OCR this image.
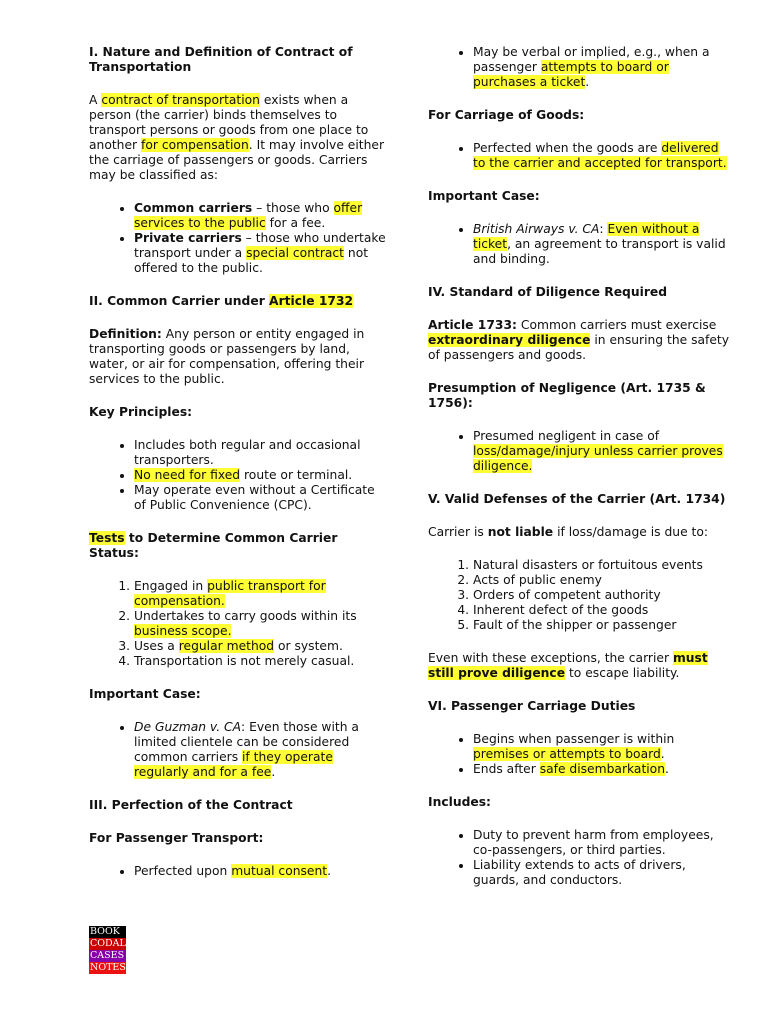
I. Nature and Definition of Contract of Transportation

A contract of transportation exists when a person (the carrier) binds themselves to transport persons or goods from one place to another for compensation. It may involve either the carriage of passengers or goods. Carriers may be classified as:

• Common carriers – those who offer services to the public for a fee.
• Private carriers – those who undertake transport under a special contract not offered to the public.
II. Common Carrier under Article 1732

Definition: Any person or entity engaged in transporting goods or passengers by land, water, or air for compensation, offering their services to the public.

Key Principles:
• Includes both regular and occasional transporters.
• No need for fixed route or terminal.
• May operate even without a Certificate of Public Convenience (CPC).
Tests to Determine Common Carrier Status:
1. Engaged in public transport for compensation.
2. Undertakes to carry goods within its business scope.
3. Uses a regular method or system.
4. Transportation is not merely casual.
Important Case:
• De Guzman v. CA: Even those with a limited clientele can be considered common carriers if they operate regularly and for a fee.
III. Perfection of the Contract
For Passenger Transport:
• Perfected upon mutual consent.
• May be verbal or implied, e.g., when a passenger attempts to board or purchases a ticket.
For Carriage of Goods:
• Perfected when the goods are delivered to the carrier and accepted for transport.
Important Case:
• British Airways v. CA: Even without a ticket, an agreement to transport is valid and binding.
IV. Standard of Diligence Required

Article 1733: Common carriers must exercise extraordinary diligence in ensuring the safety of passengers and goods.

Presumption of Negligence (Art. 1735 & 1756):
• Presumed negligent in case of loss/damage/injury unless carrier proves diligence.
V. Valid Defenses of the Carrier (Art. 1734)

Carrier is not liable if loss/damage is due to:

1. Natural disasters or fortuitous events
2. Acts of public enemy
3. Orders of competent authority
4. Inherent defect of the goods
5. Fault of the shipper or passenger

Even with these exceptions, the carrier must still prove diligence to escape liability.

VI. Passenger Carriage Duties
• Begins when passenger is within premises or attempts to board.
• Ends after safe disembarkation.
Includes:
• Duty to prevent harm from employees, co-passengers, or third parties.
• Liability extends to acts of drivers, guards, and conductors.
BOOK
CODAL
CASES
NOTES
